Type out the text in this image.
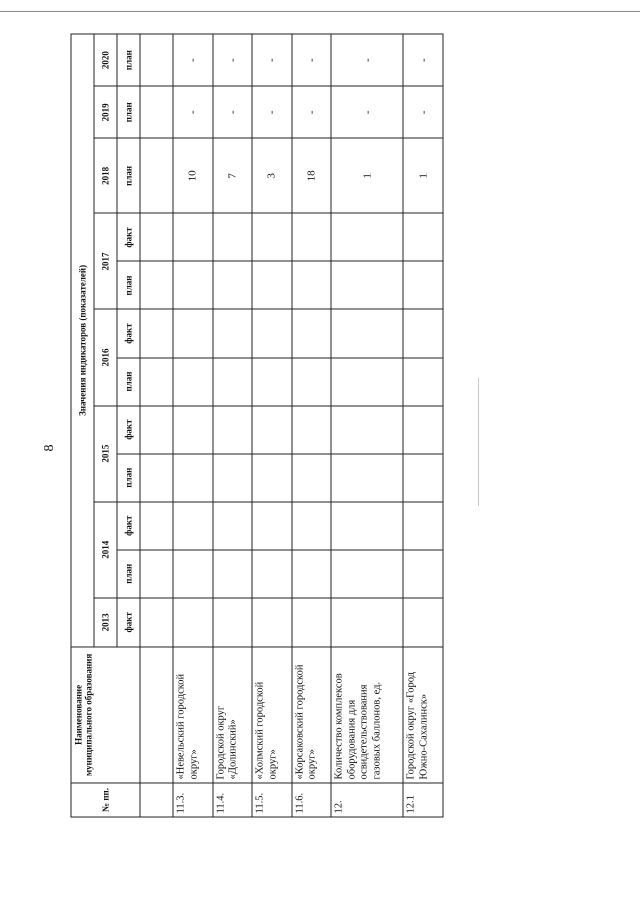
8
№ пп.	Наименование муниципального образования	Значения индикаторов (показателей)											
		2013	2014		2015		2016		2017		2018	2019	2020
		факт	план	факт	план	факт	план	факт	план	факт	план	план	план

11.3.	«Невельский городской округ»										10	-	-
11.4.	Городской округ «Долинский»										7	-	-
11.5.	«Холмский городской округ»										3	-	-
11.6.	«Корсаковский городской округ»										18	-	-
12.	Количество комплексов оборудования для освидетельствования газовых баллонов, ед.										1	-	-
12.1	Городской округ «Город Южно-Сахалинск»										1	-	-
